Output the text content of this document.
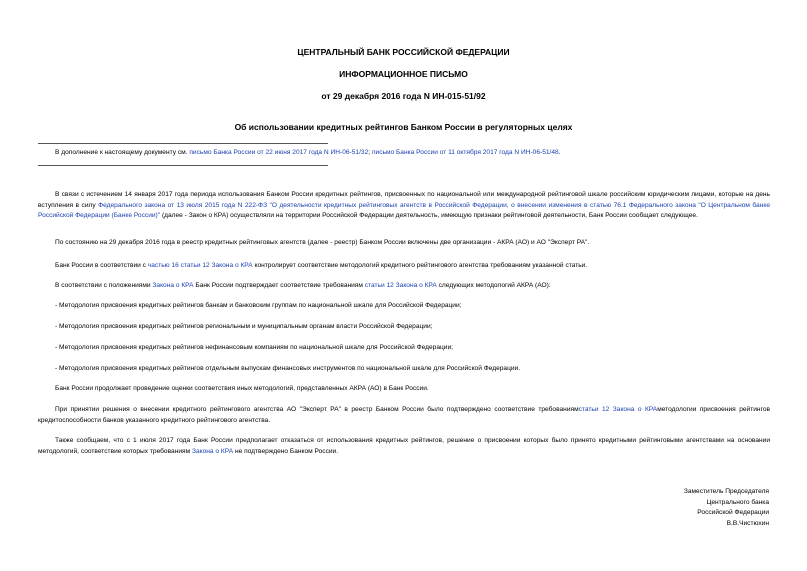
ЦЕНТРАЛЬНЫЙ БАНК РОССИЙСКОЙ ФЕДЕРАЦИИ
ИНФОРМАЦИОННОЕ ПИСЬМО
от 29 декабря 2016 года N ИН-015-51/92
Об использовании кредитных рейтингов Банком России в регуляторных целях
В дополнение к настоящему документу см. письмо Банка России от 22 июня 2017 года N ИН-06-51/32; письмо Банка России от 11 октября 2017 года N ИН-06-51/48.
В связи с истечением 14 января 2017 года периода использования Банком России кредитных рейтингов, присвоенных по национальной или международной рейтинговой шкале российским юридическим лицами, которые на день вступления в силу Федерального закона от 13 июля 2015 года N 222-ФЗ "О деятельности кредитных рейтинговых агентств в Российской Федерации, о внесении изменения в статью 76.1 Федерального закона "О Центральном банке Российской Федерации (Банке России)" (далее - Закон о КРА) осуществляли на территории Российской Федерации деятельность, имеющую признаки рейтинговой деятельности, Банк России сообщает следующее.
По состоянию на 29 декабря 2016 года в реестр кредитных рейтинговых агентств (далее - реестр) Банком России включены две организации - АКРА (АО) и АО "Эксперт РА".
Банк России в соответствии с частью 16 статьи 12 Закона о КРА контролирует соответствие методологий кредитного рейтингового агентства требованиям указанной статьи.
В соответствии с положениями Закона о КРА Банк России подтверждает соответствие требованиям статьи 12 Закона о КРА следующих методологий АКРА (АО):
- Методология присвоения кредитных рейтингов банкам и банковским группам по национальной шкале для Российской Федерации;
- Методология присвоения кредитных рейтингов региональным и муниципальным органам власти Российской Федерации;
- Методология присвоения кредитных рейтингов нефинансовым компаниям по национальной шкале для Российской Федерации;
- Методология присвоения кредитных рейтингов отдельным выпускам финансовых инструментов по национальной шкале для Российской Федерации.
Банк России продолжает проведение оценки соответствия иных методологий, представленных АКРА (АО) в Банк России.
При принятии решения о внесении кредитного рейтингового агентства АО "Эксперт РА" в реестр Банком России было подтверждено соответствие требованиямстатьи 12 Закона о КРАметодологии присвоения рейтингов кредитоспособности банков указанного кредитного рейтингового агентства.
Также сообщаем, что с 1 июля 2017 года Банк России предполагает отказаться от использования кредитных рейтингов, решение о присвоении которых было принято кредитными рейтинговыми агентствами на основании методологий, соответствие которых требованиям Закона о КРА не подтверждено Банком России.
Заместитель Председателя
Центрального банка
Российской Федерации
В.В.Чистюхин
